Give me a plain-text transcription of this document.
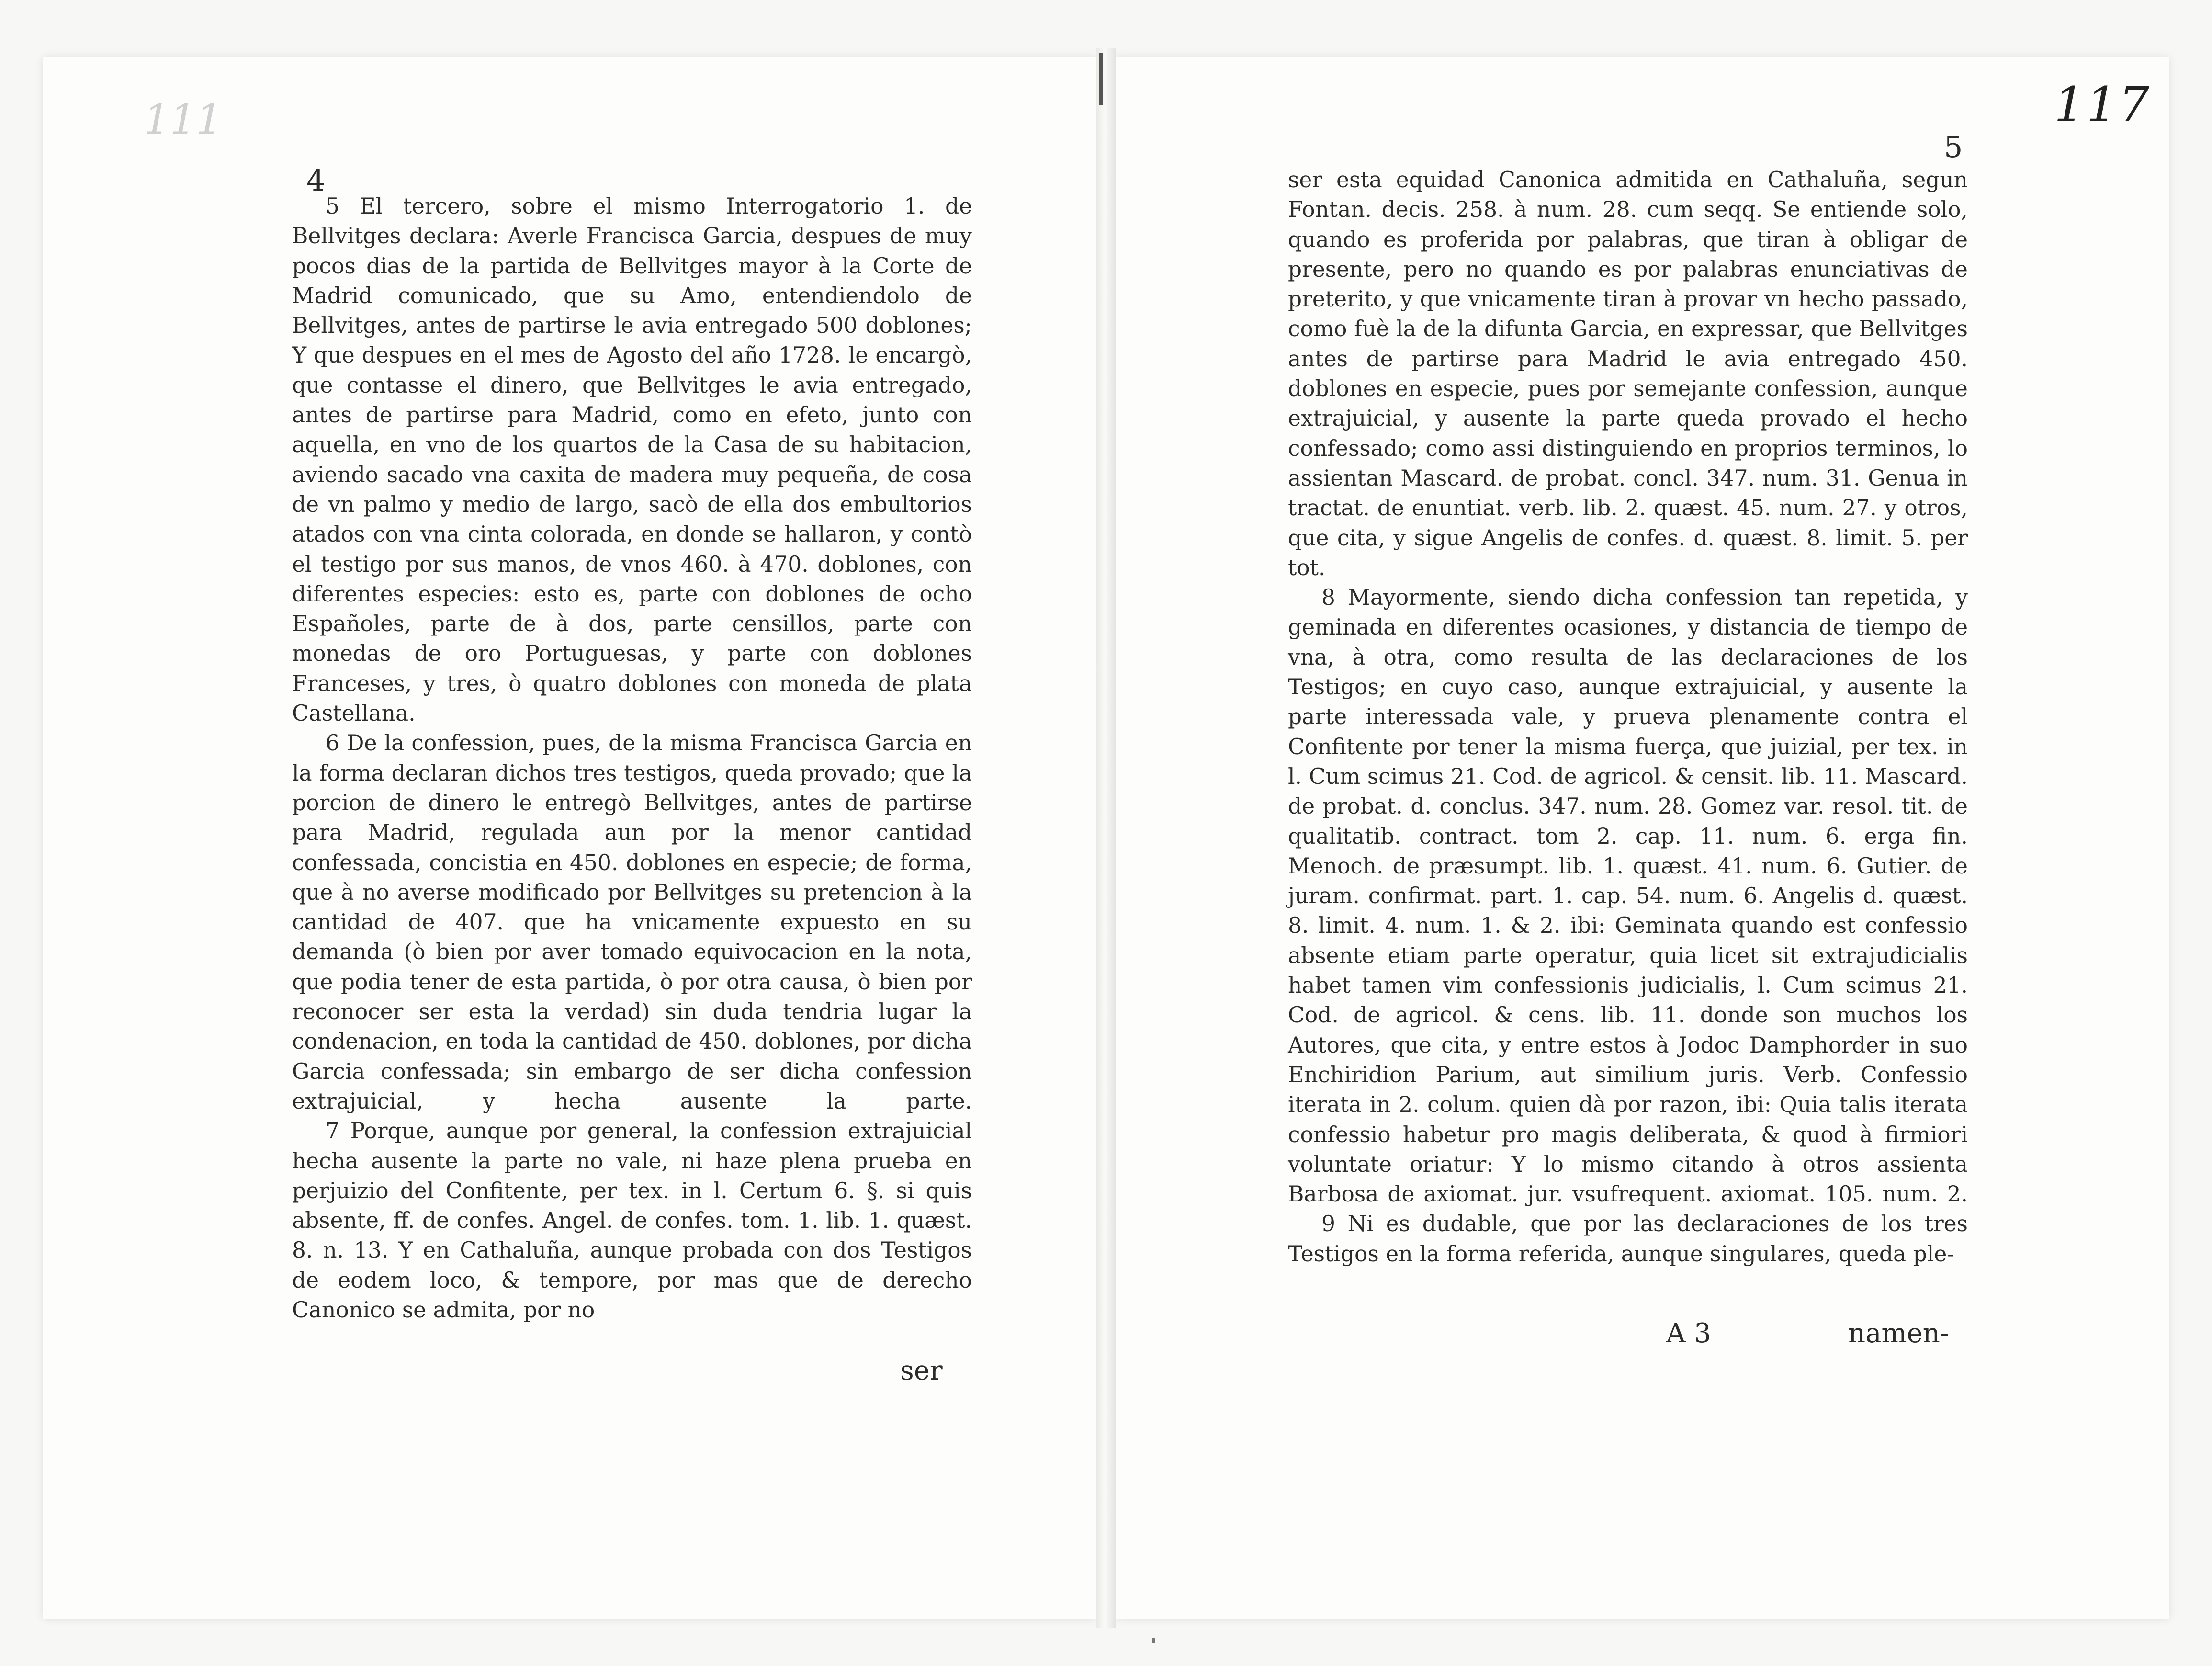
111	117
4
5

5 El tercero, sobre el mismo Interrogatorio 1. de Bellvitges declara: Averle Francisca Garcia, despues de muy pocos dias de la partida de Bellvitges mayor à la Corte de Madrid comunicado, que su Amo, entendiendolo de Bellvitges, antes de partirse le avia entregado 500 doblones; Y que despues en el mes de Agosto del año 1728. le encargò, que contasse el dinero, que Bellvitges le avia entregado, antes de partirse para Madrid, como en efeto, junto con aquella, en vno de los quartos de la Casa de su habitacion, aviendo sacado vna caxita de madera muy pequeña, de cosa de vn palmo y medio de largo, sacò de ella dos embultorios atados con vna cinta colorada, en donde se hallaron, y contò el testigo por sus manos, de vnos 460. à 470. doblones, con diferentes especies: esto es, parte con doblones de ocho Españoles, parte de à dos, parte censillos, parte con monedas de oro Portuguesas, y parte con doblones Franceses, y tres, ò quatro doblones con moneda de plata Castellana.

6 De la confession, pues, de la misma Francisca Garcia en la forma declaran dichos tres testigos, queda provado; que la porcion de dinero le entregò Bellvitges, antes de partirse para Madrid, regulada aun por la menor cantidad confessada, concistia en 450. doblones en especie; de forma, que à no averse modificado por Bellvitges su pretencion à la cantidad de 407. que ha vnicamente expuesto en su demanda (ò bien por aver tomado equivocacion en la nota, que podia tener de esta partida, ò por otra causa, ò bien por reconocer ser esta la verdad) sin duda tendria lugar la condenacion, en toda la cantidad de 450. doblones, por dicha Garcia confessada; sin embargo de ser dicha confession extrajuicial, y hecha ausente la parte.

7 Porque, aunque por general, la confession extrajuicial hecha ausente la parte no vale, ni haze plena prueba en perjuizio del Confitente, per tex. in l. Certum 6. §. si quis absente, ff. de confes. Angel. de confes. tom. 1. lib. 1. quæst. 8. n. 13. Y en Cathaluña, aunque probada con dos Testigos de eodem loco, & tempore, por mas que de derecho Canonico se admita, por no

ser

ser esta equidad Canonica admitida en Cathaluña, segun Fontan. decis. 258. à num. 28. cum seqq. Se entiende solo, quando es proferida por palabras, que tiran à obligar de presente, pero no quando es por palabras enunciativas de preterito, y que vnicamente tiran à provar vn hecho passado, como fuè la de la difunta Garcia, en expressar, que Bellvitges antes de partirse para Madrid le avia entregado 450. doblones en especie, pues por semejante confession, aunque extrajuicial, y ausente la parte queda provado el hecho confessado; como assi distinguiendo en proprios terminos, lo assientan Mascard. de probat. concl. 347. num. 31. Genua in tractat. de enuntiat. verb. lib. 2. quæst. 45. num. 27. y otros, que cita, y sigue Angelis de confes. d. quæst. 8. limit. 5. per tot.

8 Mayormente, siendo dicha confession tan repetida, y geminada en diferentes ocasiones, y distancia de tiempo de vna, à otra, como resulta de las declaraciones de los Testigos; en cuyo caso, aunque extrajuicial, y ausente la parte interessada vale, y prueva plenamente contra el Confitente por tener la misma fuerça, que juizial, per tex. in l. Cum scimus 21. Cod. de agricol. & censit. lib. 11. Mascard. de probat. d. conclus. 347. num. 28. Gomez var. resol. tit. de qualitatib. contract. tom 2. cap. 11. num. 6. erga fin. Menoch. de præsumpt. lib. 1. quæst. 41. num. 6. Gutier. de juram. confirmat. part. 1. cap. 54. num. 6. Angelis d. quæst. 8. limit. 4. num. 1. & 2. ibi: Geminata quando est confessio absente etiam parte operatur, quia licet sit extrajudicialis habet tamen vim confessionis judicialis, l. Cum scimus 21. Cod. de agricol. & cens. lib. 11. donde son muchos los Autores, que cita, y entre estos à Jodoc Damphorder in suo Enchiridion Parium, aut similium juris. Verb. Confessio iterata in 2. colum. quien dà por razon, ibi: Quia talis iterata confessio habetur pro magis deliberata, & quod à firmiori voluntate oriatur: Y lo mismo citando à otros assienta Barbosa de axiomat. jur. vsufrequent. axiomat. 105. num. 2.

9 Ni es dudable, que por las declaraciones de los tres Testigos en la forma referida, aunque singulares, queda ple-

A 3	namen-
